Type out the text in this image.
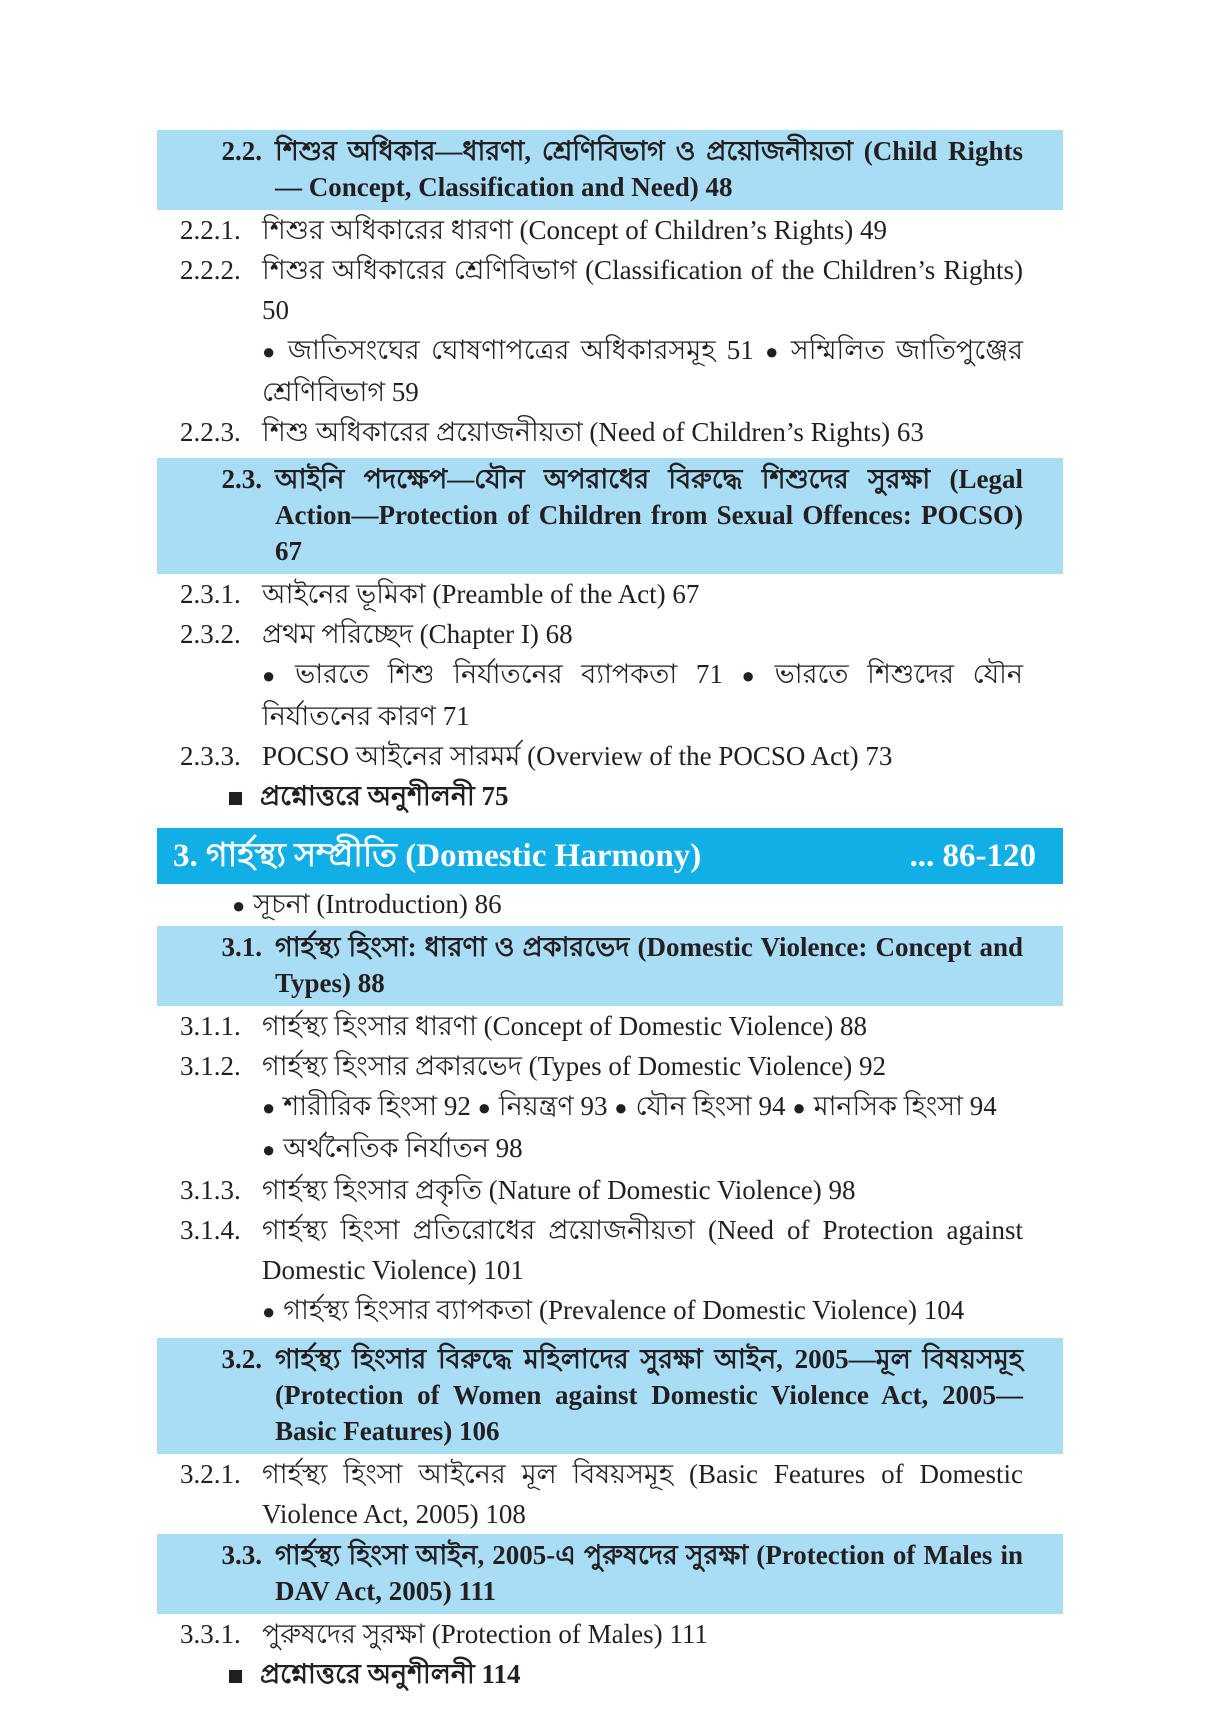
2.2. শিশুর অধিকার—ধারণা, শ্রেণিবিভাগ ও প্রয়োজনীয়তা (Child Rights — Concept, Classification and Need) 48
2.2.1. শিশুর অধিকারের ধারণা (Concept of Children’s Rights) 49
2.2.2. শিশুর অধিকারের শ্রেণিবিভাগ (Classification of the Children’s Rights) 50
● জাতিসংঘের ঘোষণাপত্রের অধিকারসমূহ 51 ● সম্মিলিত জাতিপুঞ্জের শ্রেণিবিভাগ 59
2.2.3. শিশু অধিকারের প্রয়োজনীয়তা (Need of Children’s Rights) 63
2.3. আইনি পদক্ষেপ—যৌন অপরাধের বিরুদ্ধে শিশুদের সুরক্ষা (Legal Action—Protection of Children from Sexual Offences: POCSO) 67
2.3.1. আইনের ভূমিকা (Preamble of the Act) 67
2.3.2. প্রথম পরিচ্ছেদ (Chapter I) 68
● ভারতে শিশু নির্যাতনের ব্যাপকতা 71 ● ভারতে শিশুদের যৌন নির্যাতনের কারণ 71
2.3.3. POCSO আইনের সারমর্ম (Overview of the POCSO Act) 73
প্রশ্নোত্তরে অনুশীলনী 75
3. গার্হস্থ্য সম্প্রীতি (Domestic Harmony)	... 86-120
● সূচনা (Introduction) 86
3.1. গার্হস্থ্য হিংসা: ধারণা ও প্রকারভেদ (Domestic Violence: Concept and Types) 88
3.1.1. গার্হস্থ্য হিংসার ধারণা (Concept of Domestic Violence) 88
3.1.2. গার্হস্থ্য হিংসার প্রকারভেদ (Types of Domestic Violence) 92
● শারীরিক হিংসা 92 ● নিয়ন্ত্রণ 93 ● যৌন হিংসা 94 ● মানসিক হিংসা 94
● অর্থনৈতিক নির্যাতন 98
3.1.3. গার্হস্থ্য হিংসার প্রকৃতি (Nature of Domestic Violence) 98
3.1.4. গার্হস্থ্য হিংসা প্রতিরোধের প্রয়োজনীয়তা (Need of Protection against Domestic Violence) 101
● গার্হস্থ্য হিংসার ব্যাপকতা (Prevalence of Domestic Violence) 104
3.2. গার্হস্থ্য হিংসার বিরুদ্ধে মহিলাদের সুরক্ষা আইন, 2005—মূল বিষয়সমূহ (Protection of Women against Domestic Violence Act, 2005—Basic Features) 106
3.2.1. গার্হস্থ্য হিংসা আইনের মূল বিষয়সমূহ (Basic Features of Domestic Violence Act, 2005) 108
3.3. গার্হস্থ্য হিংসা আইন, 2005-এ পুরুষদের সুরক্ষা (Protection of Males in DAV Act, 2005) 111
3.3.1. পুরুষদের সুরক্ষা (Protection of Males) 111
প্রশ্নোত্তরে অনুশীলনী 114
